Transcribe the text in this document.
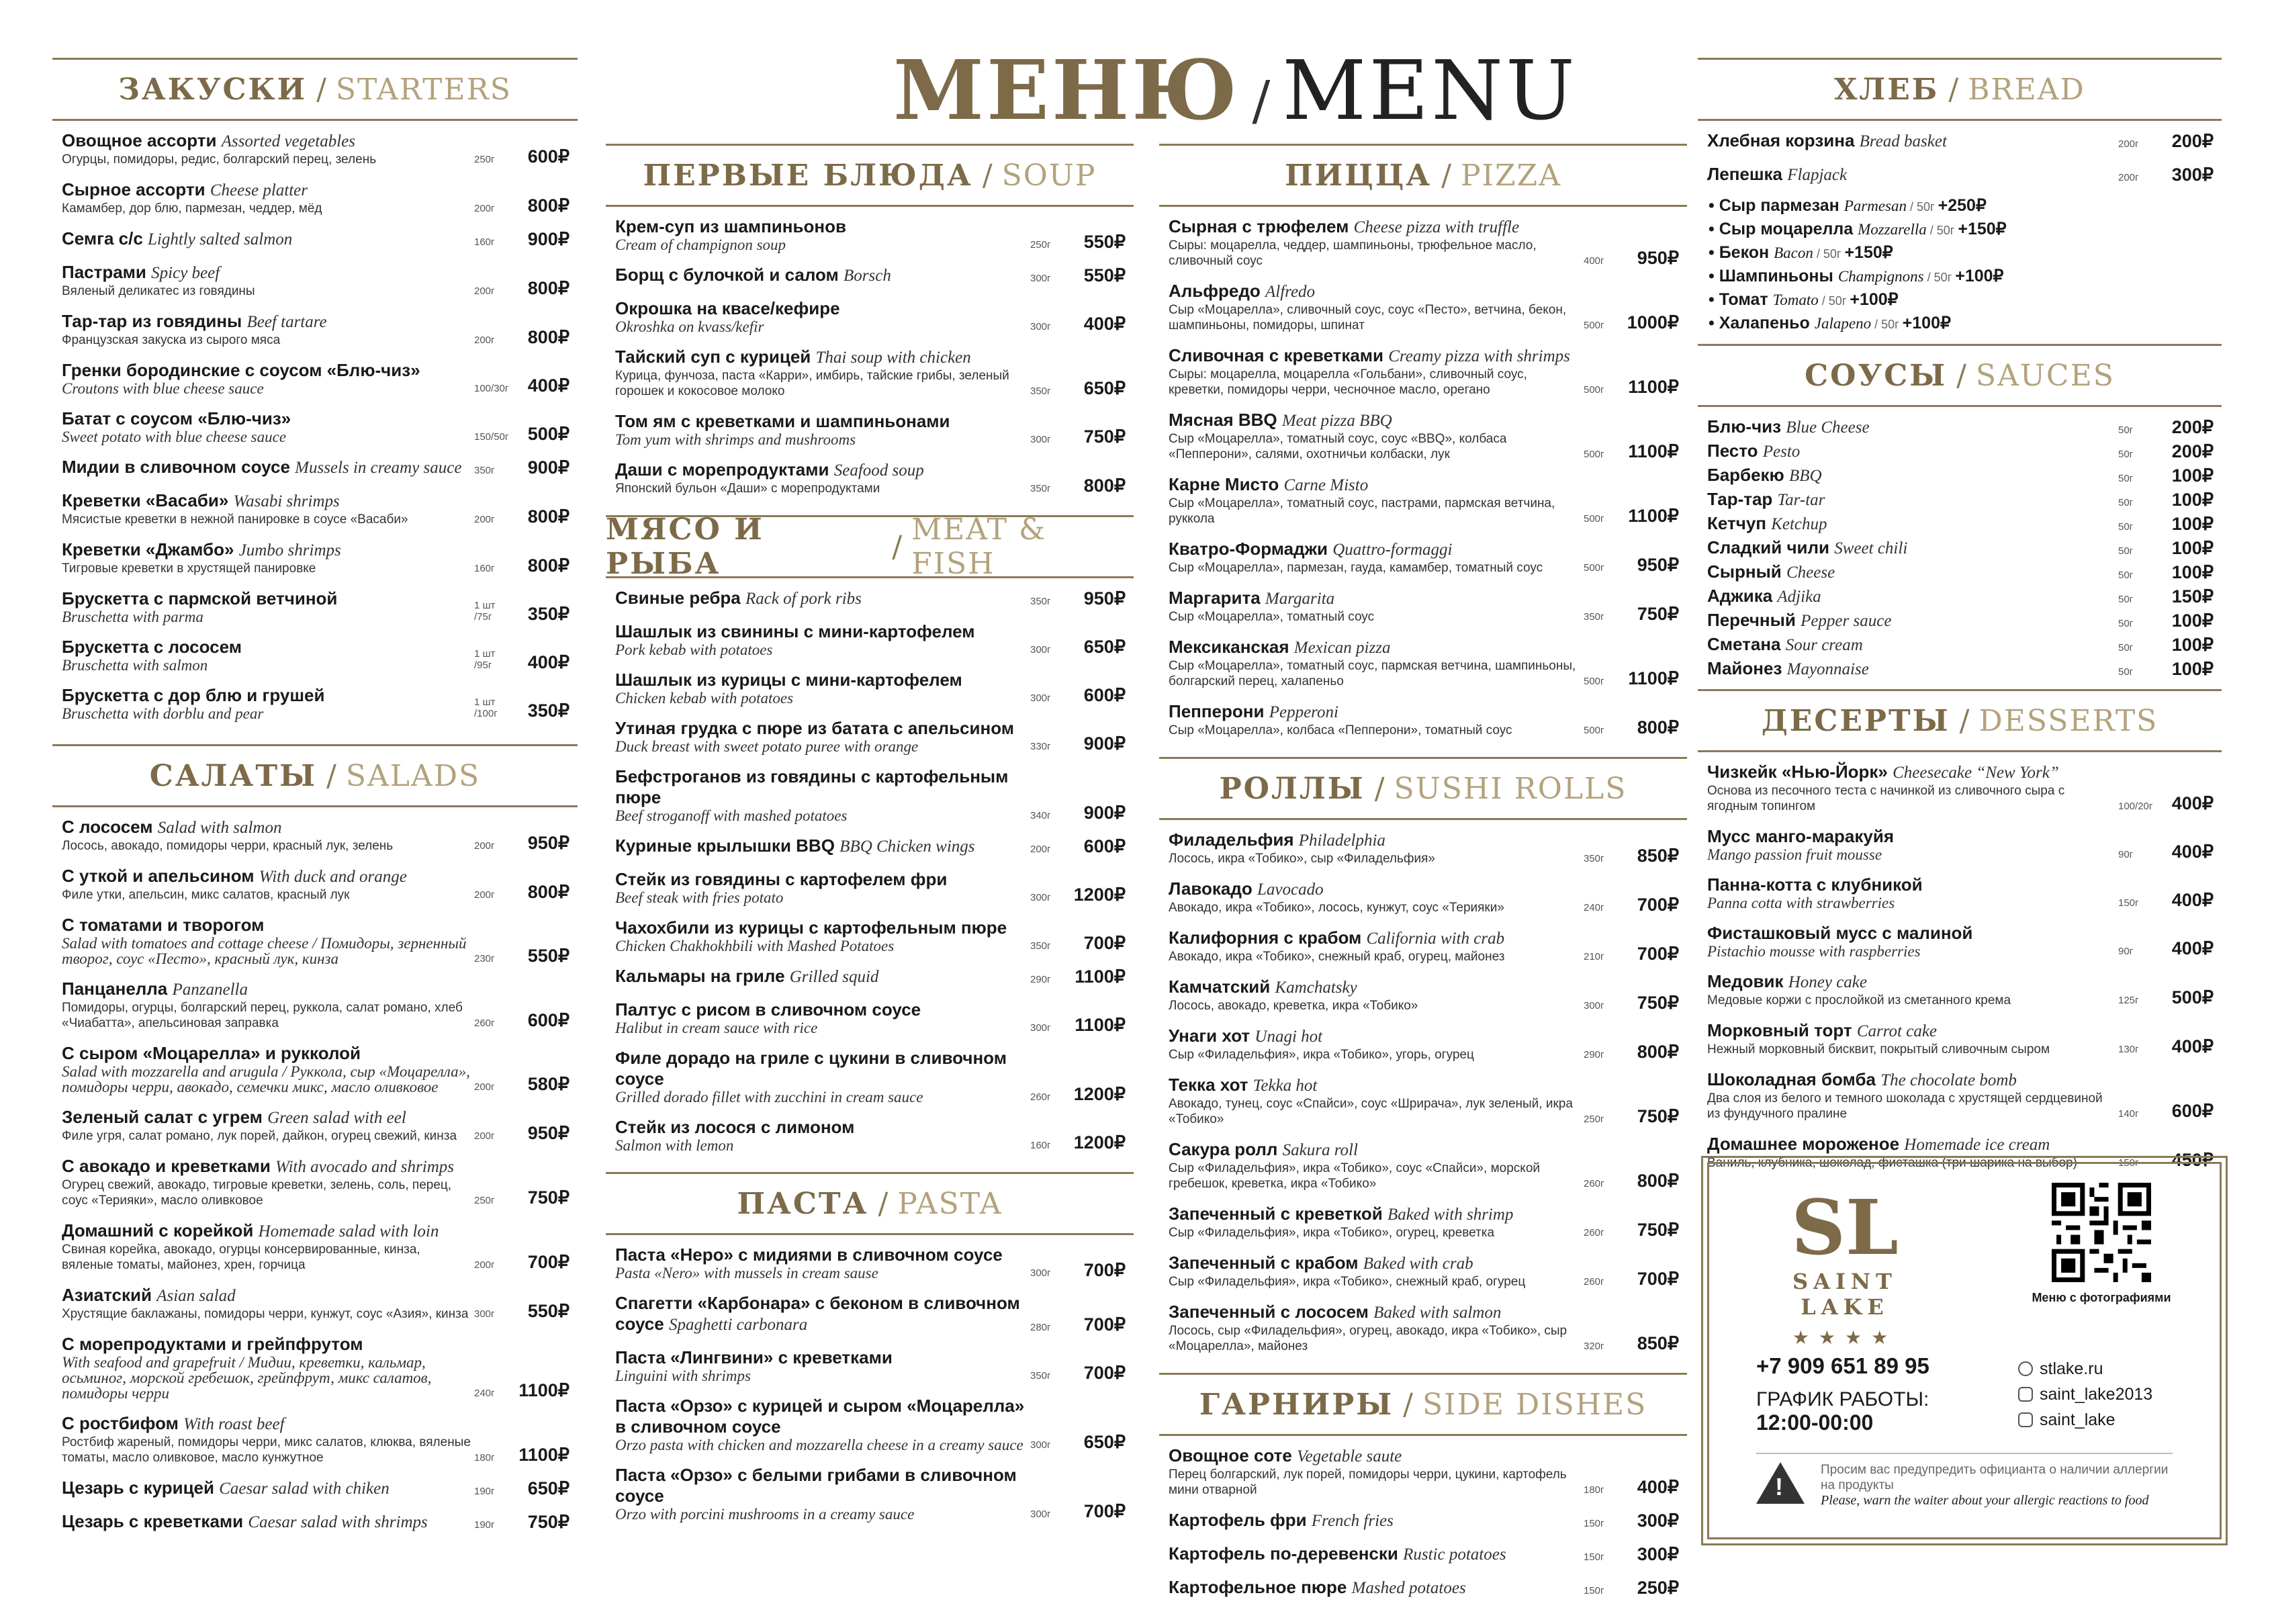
МЕНЮ / MENU
ЗАКУСКИ / STARTERS
Овощное ассорти Assorted vegetables
Огурцы, помидоры, редис, болгарский перец, зелень	250г	600₽
Сырное ассорти Cheese platter
Камамбер, дор блю, пармезан, чеддер, мёд	200г	800₽
Семга с/с Lightly salted salmon	160г	900₽
Пастрами Spicy beef
Вяленый деликатес из говядины	200г	800₽
Тар-тар из говядины Beef tartare
Французская закуска из сырого мяса	200г	800₽
Гренки бородинские с соусом «Блю-чиз»
Croutons with blue cheese sauce	100/30г	400₽
Батат с соусом «Блю-чиз»
Sweet potato with blue cheese sauce	150/50г	500₽
Мидии в сливочном соусе Mussels in creamy sauce	350г	900₽
Креветки «Васаби» Wasabi shrimps
Мясистые креветки в нежной панировке в соусе «Васаби»	200г	800₽
Креветки «Джамбо» Jumbo shrimps
Тигровые креветки в хрустящей панировке	160г	800₽
Брускетта с пармской ветчиной
Bruschetta with parma
1 шт /75г	350₽
Брускетта с лососем
Bruschetta with salmon
1 шт /95г	400₽
Брускетта с дор блю и грушей
Bruschetta with dorblu and pear
1 шт /100г	350₽
САЛАТЫ / SALADS
С лососем Salad with salmon
Лосось, авокадо, помидоры черри, красный лук, зелень	200г	950₽
С уткой и апельсином With duck and orange
Филе утки, апельсин, микс салатов, красный лук	200г	800₽
С томатами и творогом
Salad with tomatoes and cottage cheese / Помидоры, зерненный творог, соус «Песто», красный лук, кинза	230г	550₽
Панцанелла Panzanella
Помидоры, огурцы, болгарский перец, руккола, салат романо, хлеб «Чиабатта», апельсиновая заправка	260г	600₽
С сыром «Моцарелла» и рукколой
Salad with mozzarella and arugula / Руккола, сыр «Моцарелла», помидоры черри, авокадо, семечки микс, масло оливковое	200г	580₽
Зеленый салат с угрем Green salad with eel
Филе угря, салат романо, лук порей, дайкон, огурец свежий, кинза	200г	950₽
С авокадо и креветками With avocado and shrimps
Огурец свежий, авокадо, тигровые креветки, зелень, соль, перец, соус «Терияки», масло оливковое	250г	750₽
Домашний с корейкой Homemade salad with loin
Свиная корейка, авокадо, огурцы консервированные, кинза, вяленые томаты, майонез, хрен, горчица	200г	700₽
Азиатский Asian salad
Хрустящие баклажаны, помидоры черри, кунжут, соус «Азия», кинза 300г	550₽
С морепродуктами и грейпфрутом
With seafood and grapefruit / Мидии, креветки, кальмар, осьминог, морской гребешок, грейпфрут, микс салатов, помидоры черри	240г	1100₽
С ростбифом With roast beef
Ростбиф жареный, помидоры черри, микс салатов, клюква, вяленые томаты, масло оливковое, масло кунжутное	180г	1100₽
Цезарь с курицей Caesar salad with chiken	190г	650₽
Цезарь с креветками Caesar salad with shrimps	190г	750₽
ПЕРВЫЕ БЛЮДА / SOUP
Крем-суп из шампиньонов
Cream of champignon soup	250г	550₽
Борщ с булочкой и салом Borsch	300г	550₽
Окрошка на квасе/кефире
Okroshka on kvass/kefir	300г	400₽
Тайский суп с курицей Thai soup with chicken
Курица, фунчоза, паста «Карри», имбирь, тайские грибы, зеленый горошек и кокосовое молоко	350г	650₽
Том ям с креветками и шампиньонами
Tom yum with shrimps and mushrooms	300г	750₽
Даши с морепродуктами Seafood soup
Японский бульон «Даши» с морепродуктами	350г	800₽
МЯСО И РЫБА	/ MEAT & FISH
Свиные ребра Rack of pork ribs	350г	950₽
Шашлык из свинины с мини-картофелем
Pork kebab with potatoes	300г	650₽
Шашлык из курицы с мини-картофелем
Chicken kebab with potatoes	300г	600₽
Утиная грудка с пюре из батата с апельсином
Duck breast with sweet potato puree with orange	330г	900₽
Бефстроганов из говядины с картофельным пюре
Beef stroganoff with mashed potatoes	340г	900₽
Куриные крылышки BBQ BBQ Chicken wings	200г	600₽
Стейк из говядины с картофелем фри
Beef steak with fries potato	300г	1200₽
Чахохбили из курицы с картофельным пюре
Chicken Chakhokhbili with Mashed Potatoes	350г	700₽
Кальмары на гриле Grilled squid	290г	1100₽
Палтус с рисом в сливочном соусе
Halibut in cream sauce with rice	300г	1100₽
Филе дорадо на гриле с цукини в сливочном соусе
Grilled dorado fillet with zucchini in cream sauce	260г	1200₽
Стейк из лосося с лимоном
Salmon with lemon	160г	1200₽
ПАСТА / PASTA
Паста «Неро» с мидиями в сливочном соусе
Pasta «Nero» with mussels in cream sause	300г	700₽
Спагетти «Карбонара» с беконом в сливочном соусе Spaghetti carbonara	280г	700₽
Паста «Лингвини» с креветками
Linguini with shrimps	350г	700₽
Паста «Орзо» с курицей и сыром «Моцарелла» в сливочном соусе
Orzo pasta with chicken and mozzarella cheese in a creamy sauce 300г	650₽
Паста «Орзо» с белыми грибами в сливочном соусе
Orzo with porcini mushrooms in a creamy sauce	300г	700₽
ПИЦЦА / PIZZA
Сырная с трюфелем Cheese pizza with truffle
Сыры: моцарелла, чеддер, шампиньоны, трюфельное масло, сливочный соус	400г	950₽
Альфредо Alfredo
Сыр «Моцарелла», сливочный соус, соус «Песто», ветчина, бекон, шампиньоны, помидоры, шпинат	500г	1000₽
Сливочная с креветками Creamy pizza with shrimps
Сыры: моцарелла, моцарелла «Гольбани», сливочный соус, креветки, помидоры черри, чесночное масло, орегано	500г	1100₽
Мясная BBQ Meat pizza BBQ
Сыр «Моцарелла», томатный соус, соус «BBQ», колбаса «Пепперони», салями, охотничьи колбаски, лук	500г	1100₽
Карне Мисто Carne Misto
Сыр «Моцарелла», томатный соус, пастрами, пармская ветчина, руккола	500г	1100₽
Кватро-Формаджи Quattro-formaggi
Сыр «Моцарелла», пармезан, гауда, камамбер, томатный соус	500г	950₽
Маргарита Margarita
Сыр «Моцарелла», томатный соус	350г	750₽
Мексиканская Mexican pizza
Сыр «Моцарелла», томатный соус, пармская ветчина, шампиньоны, болгарский перец, халапеньо	500г	1100₽
Пепперони Pepperoni
Сыр «Моцарелла», колбаса «Пепперони», томатный соус	500г	800₽
РОЛЛЫ / SUSHI ROLLS
Филадельфия Philadelphia
Лосось, икра «Тобико», сыр «Филадельфия»	350г	850₽
Лавокадо Lavocado
Авокадо, икра «Тобико», лосось, кунжут, соус «Терияки»	240г	700₽
Калифорния с крабом California with crab
Авокадо, икра «Тобико», снежный краб, огурец, майонез	210г	700₽
Камчатский Kamchatsky
Лосось, авокадо, креветка, икра «Тобико»	300г	750₽
Унаги хот Unagi hot
Сыр «Филадельфия», икра «Тобико», угорь, огурец	290г	800₽
Текка хот Tekka hot
Авокадо, тунец, соус «Спайси», соус «Шрирача», лук зеленый, икра «Тобико»	250г	750₽
Сакура ролл Sakura roll
Сыр «Филадельфия», икра «Тобико», соус «Спайси», морской гребешок, креветка, икра «Тобико»	260г	800₽
Запеченный с креветкой Baked with shrimp
Сыр «Филадельфия», икра «Тобико», огурец, креветка	260г	750₽
Запеченный с крабом Baked with crab
Сыр «Филадельфия», икра «Тобико», снежный краб, огурец	260г	700₽
Запеченный с лососем Baked with salmon
Лосось, сыр «Филадельфия», огурец, авокадо, икра «Тобико», сыр «Моцарелла», майонез	320г	850₽
ГАРНИРЫ / SIDE DISHES
Овощное соте Vegetable saute
Перец болгарский, лук порей, помидоры черри, цукини, картофель мини отварной	180г	400₽
Картофель фри French fries	150г	300₽
Картофель по-деревенски Rustic potatoes	150г	300₽
Картофельное пюре Mashed potatoes	150г	250₽
ХЛЕБ / BREAD
Хлебная корзина Bread basket	200г	200₽
Лепешка Flapjack	200г	300₽
• Сыр пармезан Parmesan / 50г +250₽
• Сыр моцарелла Mozzarella / 50г +150₽
• Бекон Bacon / 50г +150₽
• Шампиньоны Champignons / 50г +100₽
• Томат Tomato / 50г +100₽
• Халапеньо Jalapeno / 50г +100₽
СОУСЫ / SAUCES
Блю-чиз Blue Cheese	50г	200₽
Песто Pesto	50г	200₽
Барбекю BBQ	50г	100₽
Тар-тар Tar-tar	50г	100₽
Кетчуп Ketchup	50г	100₽
Сладкий чили Sweet chili	50г	100₽
Сырный Cheese	50г	100₽
Аджика Adjika	50г	150₽
Перечный Pepper sauce	50г	100₽
Сметана Sour cream	50г	100₽
Майонез Mayonnaise	50г	100₽
ДЕСЕРТЫ / DESSERTS
Чизкейк «Нью-Йорк» Cheesecake “New York”
Основа из песочного теста с начинкой из сливочного сыра с ягодным топингом	100/20г	400₽
Мусс манго-маракуйя
Mango passion fruit mousse	90г	400₽
Панна-котта с клубникой
Panna cotta with strawberries	150г	400₽
Фисташковый мусс с малиной
Pistachio mousse with raspberries	90г	400₽
Медовик Honey cake
Медовые коржи с прослойкой из сметанного крема	125г	500₽
Морковный торт Carrot cake
Нежный морковный бисквит, покрытый сливочным сыром	130г	400₽
Шоколадная бомба The chocolate bomb
Два слоя из белого и темного шоколада с хрустящей сердцевиной из фундучного пралине	140г	600₽
Домашнее мороженое Homemade ice cream
Ваниль, клубника, шоколад, фисташка (три шарика на выбор)	150г	450₽
SL
SAINT LAKE
★★★★
Меню с фотографиями
+7 909 651 89 95
ГРАФИК РАБОТЫ:
12:00-00:00
stlake.ru
saint_lake2013
saint_lake
!
Просим вас предупредить официанта о наличии аллергии на продукты
Please, warn the waiter about your allergic reactions to food
